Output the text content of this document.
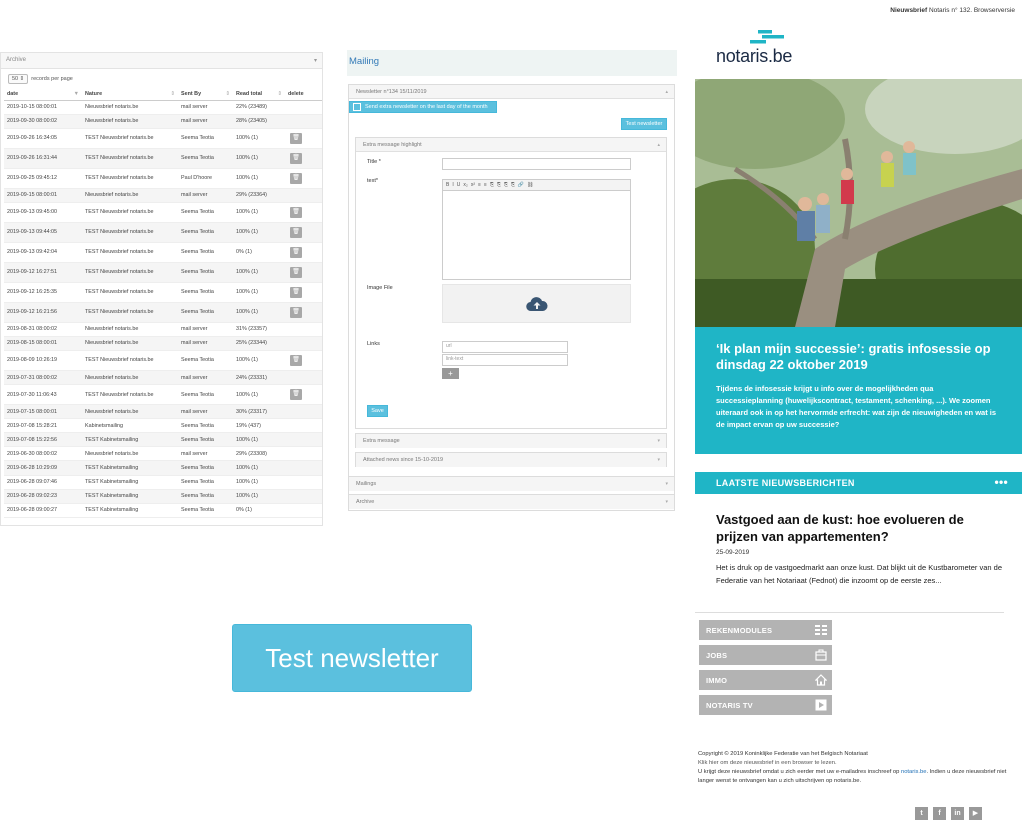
Archive	▾
50 ⇕	records per page
date ▼	Nature ⇕	Sent By ⇕	Read total ⇕	delete
2019-10-15 08:00:01	Nieuwsbrief notaris.be	mail server	22% (23489)	
2019-09-30 08:00:02	Nieuwsbrief notaris.be	mail server	28% (23405)	
2019-09-26 16:34:05	TEST Nieuwsbrief notaris.be	Seema Teotia	100% (1)	🗑
2019-09-26 16:31:44	TEST Nieuwsbrief notaris.be	Seema Teotia	100% (1)	🗑
2019-09-25 09:45:12	TEST Nieuwsbrief notaris.be	Paul D'hoore	100% (1)	🗑
2019-09-15 08:00:01	Nieuwsbrief notaris.be	mail server	29% (23364)	
2019-09-13 09:45:00	TEST Nieuwsbrief notaris.be	Seema Teotia	100% (1)	🗑
2019-09-13 09:44:05	TEST Nieuwsbrief notaris.be	Seema Teotia	100% (1)	🗑
2019-09-13 09:42:04	TEST Nieuwsbrief notaris.be	Seema Teotia	0% (1)	🗑
2019-09-12 16:27:51	TEST Nieuwsbrief notaris.be	Seema Teotia	100% (1)	🗑
2019-09-12 16:25:35	TEST Nieuwsbrief notaris.be	Seema Teotia	100% (1)	🗑
2019-09-12 16:21:56	TEST Nieuwsbrief notaris.be	Seema Teotia	100% (1)	🗑
2019-08-31 08:00:02	Nieuwsbrief notaris.be	mail server	31% (23357)	
2019-08-15 08:00:01	Nieuwsbrief notaris.be	mail server	25% (23344)	
2019-08-09 10:26:19	TEST Nieuwsbrief notaris.be	Seema Teotia	100% (1)	🗑
2019-07-31 08:00:02	Nieuwsbrief notaris.be	mail server	24% (23331)	
2019-07-30 11:06:43	TEST Nieuwsbrief notaris.be	Seema Teotia	100% (1)	🗑
2019-07-15 08:00:01	Nieuwsbrief notaris.be	mail server	30% (23317)	
2019-07-08 15:28:21	Kabinetsmailing	Seema Teotia	19% (437)	
2019-07-08 15:22:56	TEST Kabinetsmailing	Seema Teotia	100% (1)	
2019-06-30 08:00:02	Nieuwsbrief notaris.be	mail server	29% (23308)	
2019-06-28 10:29:09	TEST Kabinetsmailing	Seema Teotia	100% (1)	
2019-06-28 09:07:46	TEST Kabinetsmailing	Seema Teotia	100% (1)	
2019-06-28 09:02:23	TEST Kabinetsmailing	Seema Teotia	100% (1)	
2019-06-28 09:00:27	TEST Kabinetsmailing	Seema Teotia	0% (1)	
Mailing
Newsletter n°134 15/11/2019	▴
Send extra newsletter on the last day of the month
Test newsletter
Extra message highlight	▴
Title *
text*
B I U x₂ x² ≡ ≡ ⎘ ⎘ ⎘ ⎘ 🔗 ⛓
Image File
Links	url
link-text
+
Save
Extra message	▾
Attached news since 15-10-2019	▾
Mailings	▾
Archive	▾
Test newsletter
Nieuwsbrief Notaris n° 132. Browserversie
notaris.be
‘Ik plan mijn successie’: gratis infosessie op dinsdag 22 oktober 2019

Tijdens de infosessie krijgt u info over de mogelijkheden qua successieplanning (huwelijkscontract, testament, schenking, ...). We zoomen uiteraard ook in op het hervormde erfrecht: wat zijn de nieuwigheden en wat is de impact ervan op uw successie?

LAATSTE NIEUWSBERICHTEN	•••
Vastgoed aan de kust: hoe evolueren de prijzen van appartementen?
25-09-2019

Het is druk op de vastgoedmarkt aan onze kust. Dat blijkt uit de Kustbarometer van de Federatie van het Notariaat (Fednot) die inzoomt op de eerste zes...

REKENMODULES
JOBS
IMMO
NOTARIS TV
Copyright © 2019 Koninklijke Federatie van het Belgisch Notariaat
Klik hier om deze nieuwsbrief in een browser te lezen.
U krijgt deze nieuwsbrief omdat u zich eerder met uw e-mailadres inschreef op notaris.be. Indien u deze nieuwsbrief niet langer wenst te ontvangen kan u zich uitschrijven op notaris.be.
t	f	in	▶
